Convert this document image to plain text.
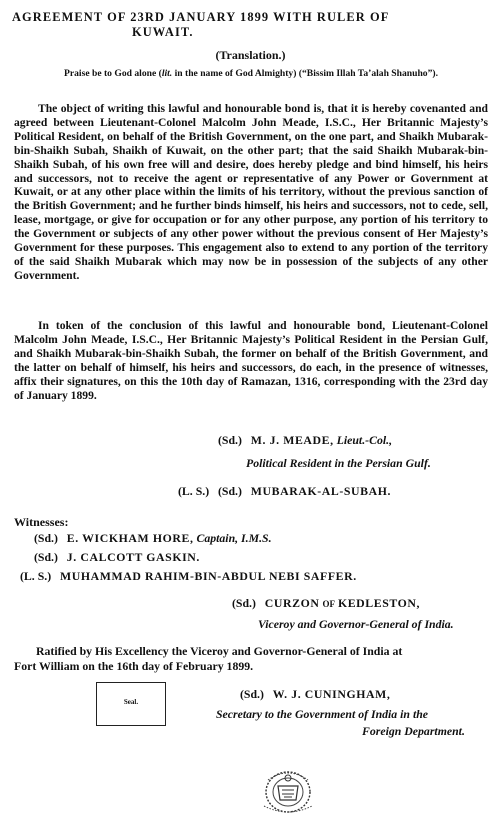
AGREEMENT OF 23RD JANUARY 1899 WITH RULER OF
KUWAIT.
(Translation.)
Praise be to God alone (lit. in the name of God Almighty) (“Bissim Illah Ta’alah Shanuho”).
The object of writing this lawful and honourable bond is, that it is hereby covenanted and agreed between Lieutenant-Colonel Malcolm John Meade, I.S.C., Her Britannic Majesty’s Political Resident, on behalf of the British Government, on the one part, and Shaikh Mubarak-bin-Shaikh Subah, Shaikh of Kuwait, on the other part; that the said Shaikh Mubarak-bin-Shaikh Subah, of his own free will and desire, does hereby pledge and bind himself, his heirs and successors, not to receive the agent or representative of any Power or Government at Kuwait, or at any other place within the limits of his territory, without the previous sanction of the British Government; and he further binds himself, his heirs and successors, not to cede, sell, lease, mortgage, or give for occupation or for any other purpose, any portion of his territory to the Government or subjects of any other power without the previous consent of Her Majesty’s Government for these purposes. This engagement also to extend to any portion of the territory of the said Shaikh Mubarak which may now be in possession of the subjects of any other Government.
In token of the conclusion of this lawful and honourable bond, Lieutenant-Colonel Malcolm John Meade, I.S.C., Her Britannic Majesty’s Political Resident in the Persian Gulf, and Shaikh Mubarak-bin-Shaikh Subah, the former on behalf of the British Government, and the latter on behalf of himself, his heirs and successors, do each, in the presence of witnesses, affix their signatures, on this the 10th day of Ramazan, 1316, corresponding with the 23rd day of January 1899.
(Sd.) M. J. MEADE, Lieut.-Col.,
Political Resident in the Persian Gulf.
(L. S.) (Sd.) MUBARAK-AL-SUBAH.
Witnesses:
(Sd.) E. WICKHAM HORE, Captain, I.M.S.
(Sd.) J. CALCOTT GASKIN.
(L. S.) MUHAMMAD RAHIM-BIN-ABDUL NEBI SAFFER.
(Sd.) CURZON OF KEDLESTON,
Viceroy and Governor-General of India.
Ratified by His Excellency the Viceroy and Governor-General of India at
Fort William on the 16th day of February 1899.
Seal.
(Sd.) W. J. CUNINGHAM,
Secretary to the Government of India in the
Foreign Department.
